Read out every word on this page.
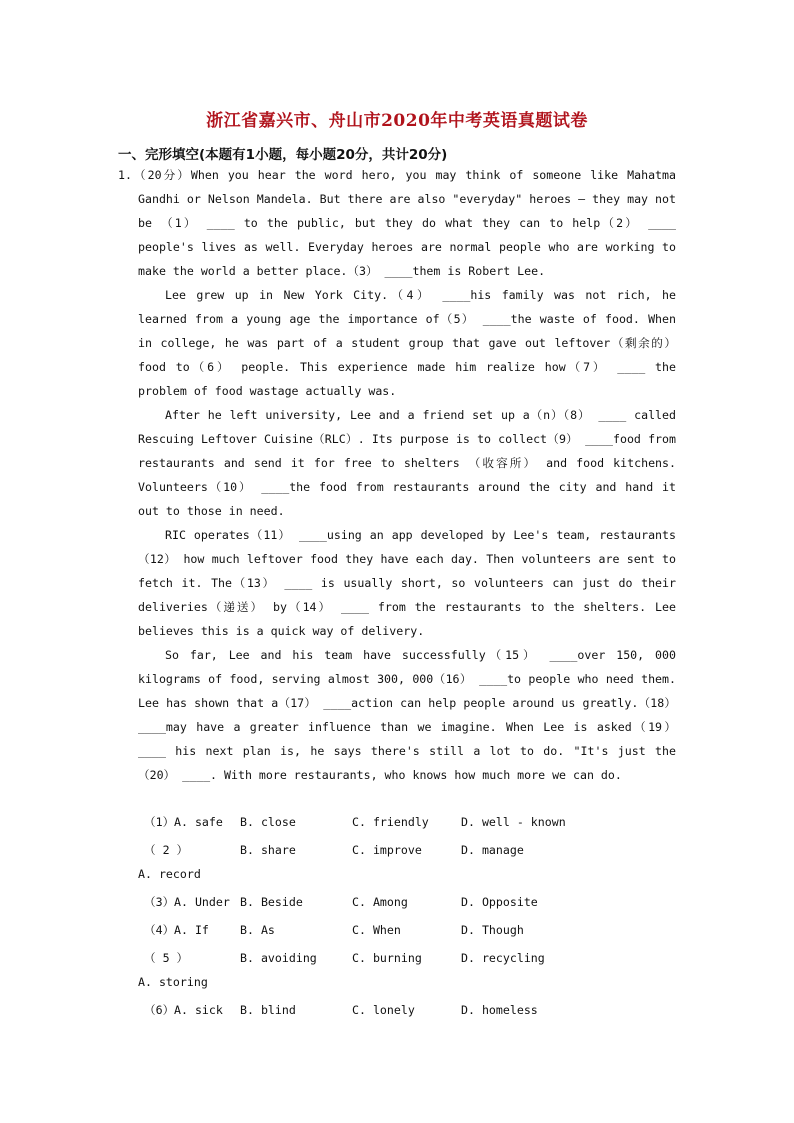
浙江省嘉兴市、舟山市2020年中考英语真题试卷
一、完形填空(本题有1小题，每小题20分，共计20分)

1.（20分）When you hear the word hero, you may think of someone like Mahatma Gandhi or Nelson Mandela. But there are also "everyday" heroes — they may not be （1） ____ to the public, but they do what they can to help（2） ____ people's lives as well. Everyday heroes are normal people who are working to make the world a better place.（3） ____them is Robert Lee.

Lee grew up in New York City.（4） ____his family was not rich, he learned from a young age the importance of（5） ____the waste of food. When in college, he was part of a student group that gave out leftover（剩余的）food to（6） people. This experience made him realize how（7） ____ the problem of food wastage actually was.

After he left university, Lee and a friend set up a（n）（8） ____ called Rescuing Leftover Cuisine（RLC）. Its purpose is to collect（9） ____food from restaurants and send it for free to shelters （收容所） and food kitchens. Volunteers（10） ____the food from restaurants around the city and hand it out to those in need.

RIC operates（11） ____using an app developed by Lee's team, restaurants（12） how much leftover food they have each day. Then volunteers are sent to fetch it. The（13） ____ is usually short, so volunteers can just do their deliveries（递送） by（14） ____ from the restaurants to the shelters. Lee believes this is a quick way of delivery.

So far, Lee and his team have successfully（15） ____over 150, 000 kilograms of food, serving almost 300, 000（16） ____to people who need them. Lee has shown that a（17） ____action can help people around us greatly.（18） ____may have a greater influence than we imagine. When Lee is asked（19） ____ his next plan is, he says there's still a lot to do. "It's just the（20） ____. With more restaurants, who knows how much more we can do.

（1） A. safe B. close	C. friendly	D. well - known
（ 2 ）	B. share	C. improve	D. manage
A. record
（3） A. Under B. Beside	C. Among	D. Opposite
（4） A. If	B. As	C. When	D. Though
（ 5 ）	B. avoiding	C. burning	D. recycling
A. storing
（6） A. sick B. blind	C. lonely	D. homeless
